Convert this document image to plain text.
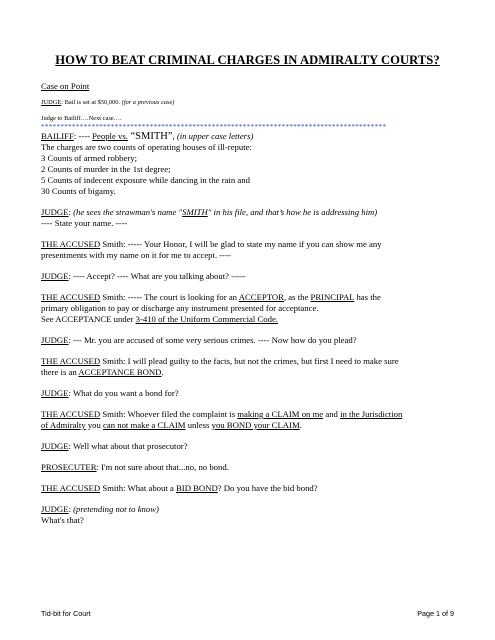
HOW TO BEAT CRIMINAL CHARGES IN ADMIRALTY COURTS?
Case on Point
JUDGE: Bail is set at $50,000. (for a previous case)
Judge to Bailiff….Next case….
*****************************************************************************************
BAILIFF: ---- People vs. “SMITH”, (in upper case letters)
The charges are two counts of operating houses of ill-repute:
3 Counts of armed robbery;
2 Counts of murder in the 1st degree;
5 Counts of indecent exposure while dancing in the rain and
30 Counts of bigamy.
JUDGE: (he sees the strawman's name "SMITH" in his file, and that’s how he is addressing him)
---- State your name. ----
THE ACCUSED Smith: ----- Your Honor, I will be glad to state my name if you can show me any
presentments with my name on it for me to accept. ----
JUDGE: ---- Accept? ---- What are you talking about? -----
THE ACCUSED Smith: ----- The court is looking for an ACCEPTOR, as the PRINCIPAL has the
primary obligation to pay or discharge any instrument presented for acceptance.
See ACCEPTANCE under 3-410 of the Uniform Commercial Code.
JUDGE: --- Mr. you are accused of some very serious crimes. ---- Now how do you plead?
THE ACCUSED Smith: I will plead guilty to the facts, but not the crimes, but first I need to make sure
there is an ACCEPTANCE BOND.
JUDGE: What do you want a bond for?
THE ACCUSED Smith: Whoever filed the complaint is making a CLAIM on me and in the Jurisdiction
of Admiralty you can not make a CLAIM unless you BOND your CLAIM.
JUDGE: Well what about that prosecutor?
PROSECUTER: I'm not sure about that...no, no bond.
THE ACCUSED Smith: What about a BID BOND? Do you have the bid bond?
JUDGE: (pretending not to know)
What's that?
Tid-bit for Court	Page 1 of 9
